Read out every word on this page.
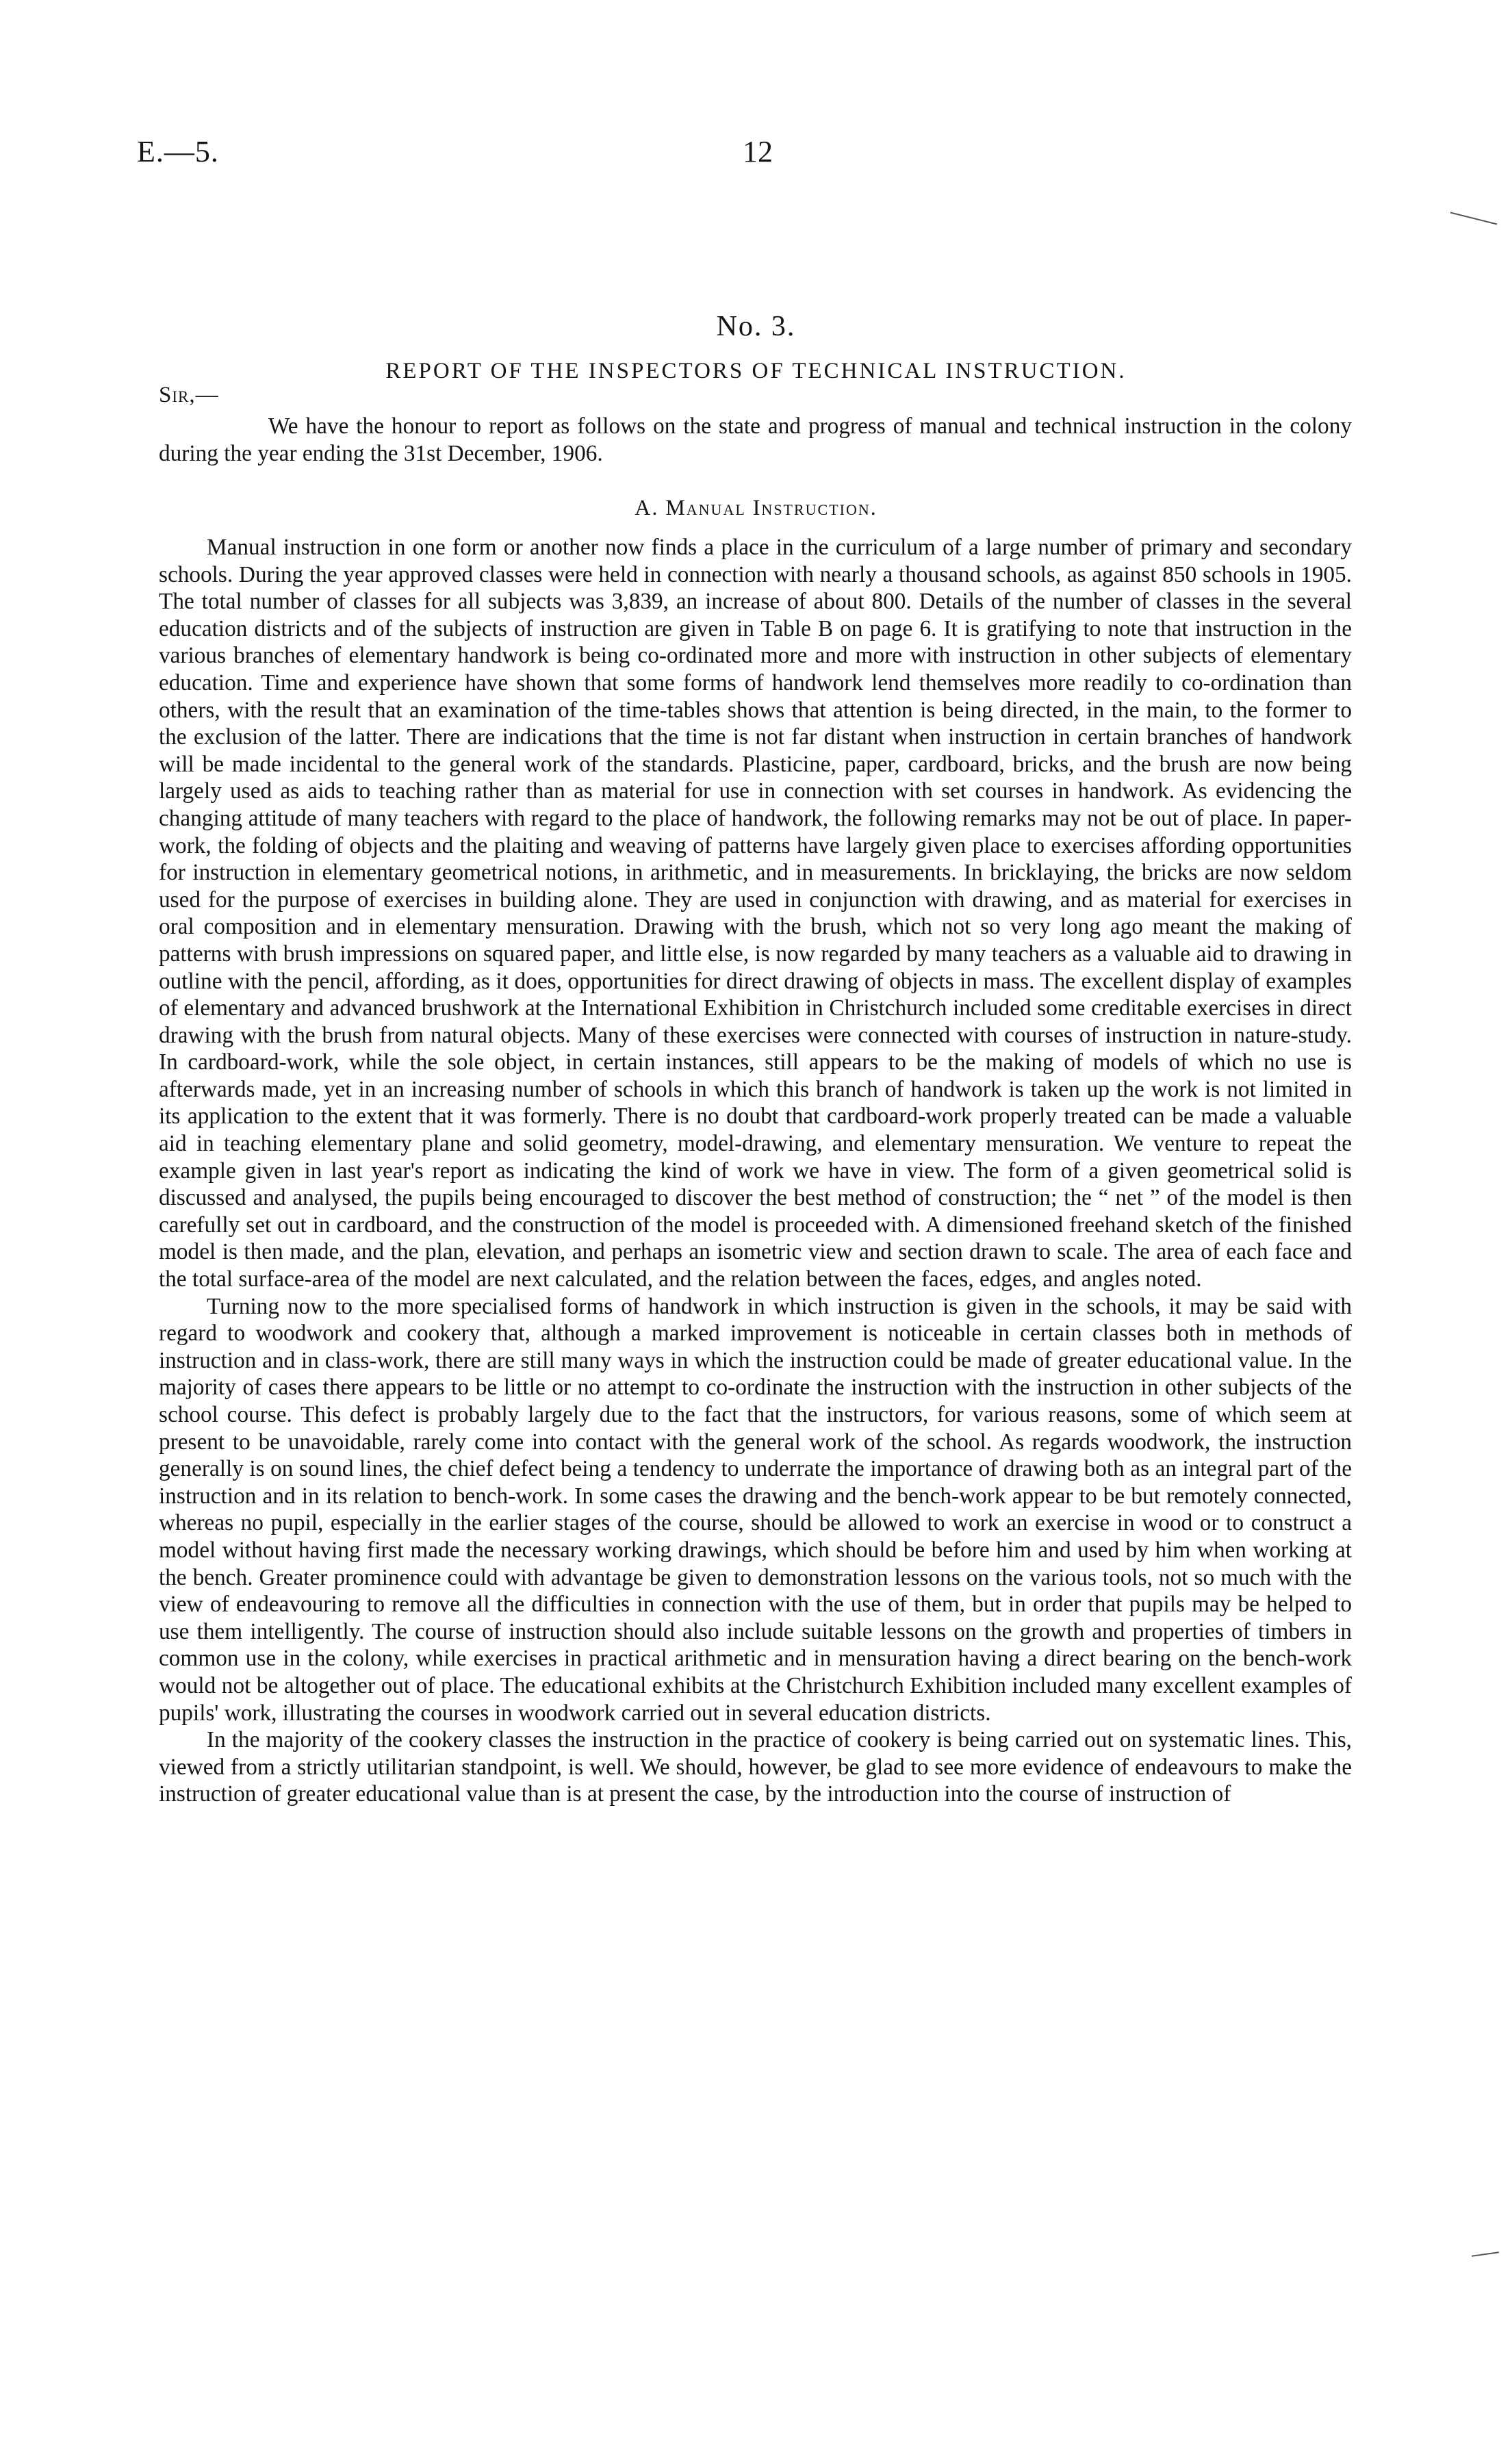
E.—5.	12
No. 3.
REPORT OF THE INSPECTORS OF TECHNICAL INSTRUCTION.
Sir,—

We have the honour to report as follows on the state and progress of manual and technical instruction in the colony during the year ending the 31st December, 1906.

A. Manual Instruction.

Manual instruction in one form or another now finds a place in the curriculum of a large number of primary and secondary schools. During the year approved classes were held in connection with nearly a thousand schools, as against 850 schools in 1905. The total number of classes for all subjects was 3,839, an increase of about 800. Details of the number of classes in the several education districts and of the subjects of instruction are given in Table B on page 6. It is gratifying to note that instruction in the various branches of elementary handwork is being co-ordinated more and more with instruction in other subjects of elementary education. Time and experience have shown that some forms of handwork lend themselves more readily to co-ordination than others, with the result that an examination of the time-tables shows that attention is being directed, in the main, to the former to the exclusion of the latter. There are indications that the time is not far distant when instruction in certain branches of handwork will be made incidental to the general work of the standards. Plasticine, paper, cardboard, bricks, and the brush are now being largely used as aids to teaching rather than as material for use in connection with set courses in handwork. As evidencing the changing attitude of many teachers with regard to the place of handwork, the following remarks may not be out of place. In paper-work, the folding of objects and the plaiting and weaving of patterns have largely given place to exercises affording opportunities for instruction in elementary geometrical notions, in arithmetic, and in measurements. In bricklaying, the bricks are now seldom used for the purpose of exercises in building alone. They are used in conjunction with drawing, and as material for exercises in oral composition and in elementary mensuration. Drawing with the brush, which not so very long ago meant the making of patterns with brush impressions on squared paper, and little else, is now regarded by many teachers as a valuable aid to drawing in outline with the pencil, affording, as it does, opportunities for direct drawing of objects in mass. The excellent display of examples of elementary and advanced brushwork at the International Exhibition in Christchurch included some creditable exercises in direct drawing with the brush from natural objects. Many of these exercises were connected with courses of instruction in nature-study. In cardboard-work, while the sole object, in certain instances, still appears to be the making of models of which no use is afterwards made, yet in an increasing number of schools in which this branch of handwork is taken up the work is not limited in its application to the extent that it was formerly. There is no doubt that cardboard-work properly treated can be made a valuable aid in teaching elementary plane and solid geometry, model-drawing, and elementary mensuration. We venture to repeat the example given in last year's report as indicating the kind of work we have in view. The form of a given geometrical solid is discussed and analysed, the pupils being encouraged to discover the best method of construction; the “ net ” of the model is then carefully set out in cardboard, and the construction of the model is proceeded with. A dimensioned freehand sketch of the finished model is then made, and the plan, elevation, and perhaps an isometric view and section drawn to scale. The area of each face and the total surface-area of the model are next calculated, and the relation between the faces, edges, and angles noted.

Turning now to the more specialised forms of handwork in which instruction is given in the schools, it may be said with regard to woodwork and cookery that, although a marked improvement is noticeable in certain classes both in methods of instruction and in class-work, there are still many ways in which the instruction could be made of greater educational value. In the majority of cases there appears to be little or no attempt to co-ordinate the instruction with the instruction in other subjects of the school course. This defect is probably largely due to the fact that the instructors, for various reasons, some of which seem at present to be unavoidable, rarely come into contact with the general work of the school. As regards woodwork, the instruction generally is on sound lines, the chief defect being a tendency to underrate the importance of drawing both as an integral part of the instruction and in its relation to bench-work. In some cases the drawing and the bench-work appear to be but remotely connected, whereas no pupil, especially in the earlier stages of the course, should be allowed to work an exercise in wood or to construct a model without having first made the necessary working drawings, which should be before him and used by him when working at the bench. Greater prominence could with advantage be given to demonstration lessons on the various tools, not so much with the view of endeavouring to remove all the difficulties in connection with the use of them, but in order that pupils may be helped to use them intelligently. The course of instruction should also include suitable lessons on the growth and properties of timbers in common use in the colony, while exercises in practical arithmetic and in mensuration having a direct bearing on the bench-work would not be altogether out of place. The educational exhibits at the Christchurch Exhibition included many excellent examples of pupils' work, illustrating the courses in woodwork carried out in several education districts.

In the majority of the cookery classes the instruction in the practice of cookery is being carried out on systematic lines. This, viewed from a strictly utilitarian standpoint, is well. We should, however, be glad to see more evidence of endeavours to make the instruction of greater educational value than is at present the case, by the introduction into the course of instruction of
